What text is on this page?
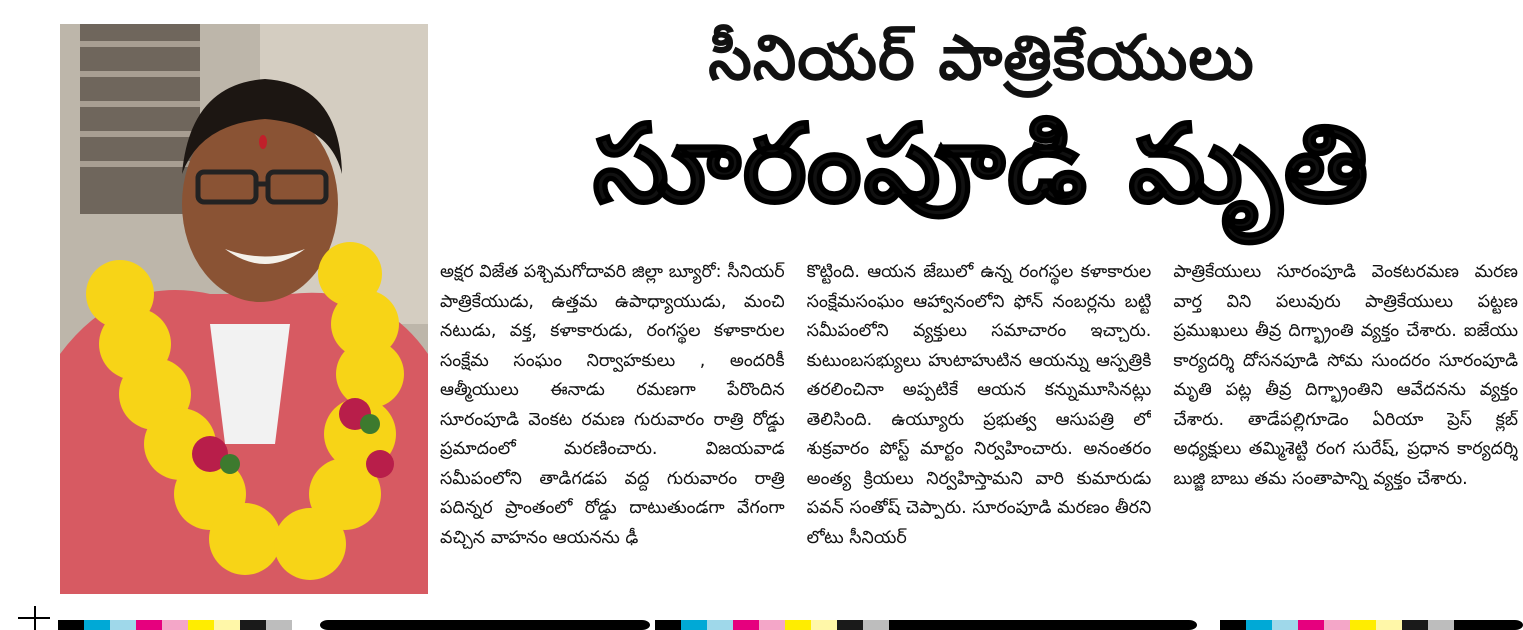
సీనియర్ పాత్రికేయులు
సూరంపూడి మృతి

అక్షర విజేత పశ్చిమగోదావరి జిల్లా బ్యూరో: సీనియర్ పాత్రికేయుడు, ఉత్తమ ఉపాధ్యాయుడు, మంచి నటుడు, వక్త, కళాకారుడు, రంగస్థల కళాకారుల సంక్షేమ సంఘం నిర్వాహకులు , అందరికీ ఆత్మీయులు ఈనాడు రమణగా పేరొందిన సూరంపూడి వెంకట రమణ గురువారం రాత్రి రోడ్డు ప్రమాదంలో మరణించారు. విజయవాడ సమీపంలోని తాడిగడప వద్ద గురువారం రాత్రి పదిన్నర ప్రాంతంలో రోడ్డు దాటుతుండగా వేగంగా వచ్చిన వాహనం ఆయనను ఢీ

కొట్టింది. ఆయన జేబులో ఉన్న రంగస్థల కళాకారుల సంక్షేమసంఘం ఆహ్వానంలోని ఫోన్ నంబర్లను బట్టి సమీపంలోని వ్యక్తులు సమాచారం ఇచ్చారు. కుటుంబసభ్యులు హుటాహుటిన ఆయన్ను ఆస్పత్రికి తరలించినా అప్పటికే ఆయన కన్నుమూసినట్లు తెలిసింది. ఉయ్యూరు ప్రభుత్వ ఆసుపత్రి లో శుక్రవారం పోస్ట్ మార్టం నిర్వహించారు. అనంతరం అంత్య క్రియలు నిర్వహిస్తామని వారి కుమారుడు పవన్ సంతోష్ చెప్పారు. సూరంపూడి మరణం తీరని లోటు సీనియర్

పాత్రికేయులు సూరంపూడి వెంకటరమణ మరణ వార్త విని పలువురు పాత్రికేయులు పట్టణ ప్రముఖులు తీవ్ర దిగ్భ్రాంతి వ్యక్తం చేశారు. ఐజేయు కార్యదర్శి దోసనపూడి సోమ సుందరం సూరంపూడి మృతి పట్ల తీవ్ర దిగ్భ్రాంతిని ఆవేదనను వ్యక్తం చేశారు. తాడేపల్లిగూడెం ఏరియా ప్రెస్ క్లబ్ అధ్యక్షులు తమ్మిశెట్టి రంగ సురేష్, ప్రధాన కార్యదర్శి బుజ్జి బాబు తమ సంతాపాన్ని వ్యక్తం చేశారు.
